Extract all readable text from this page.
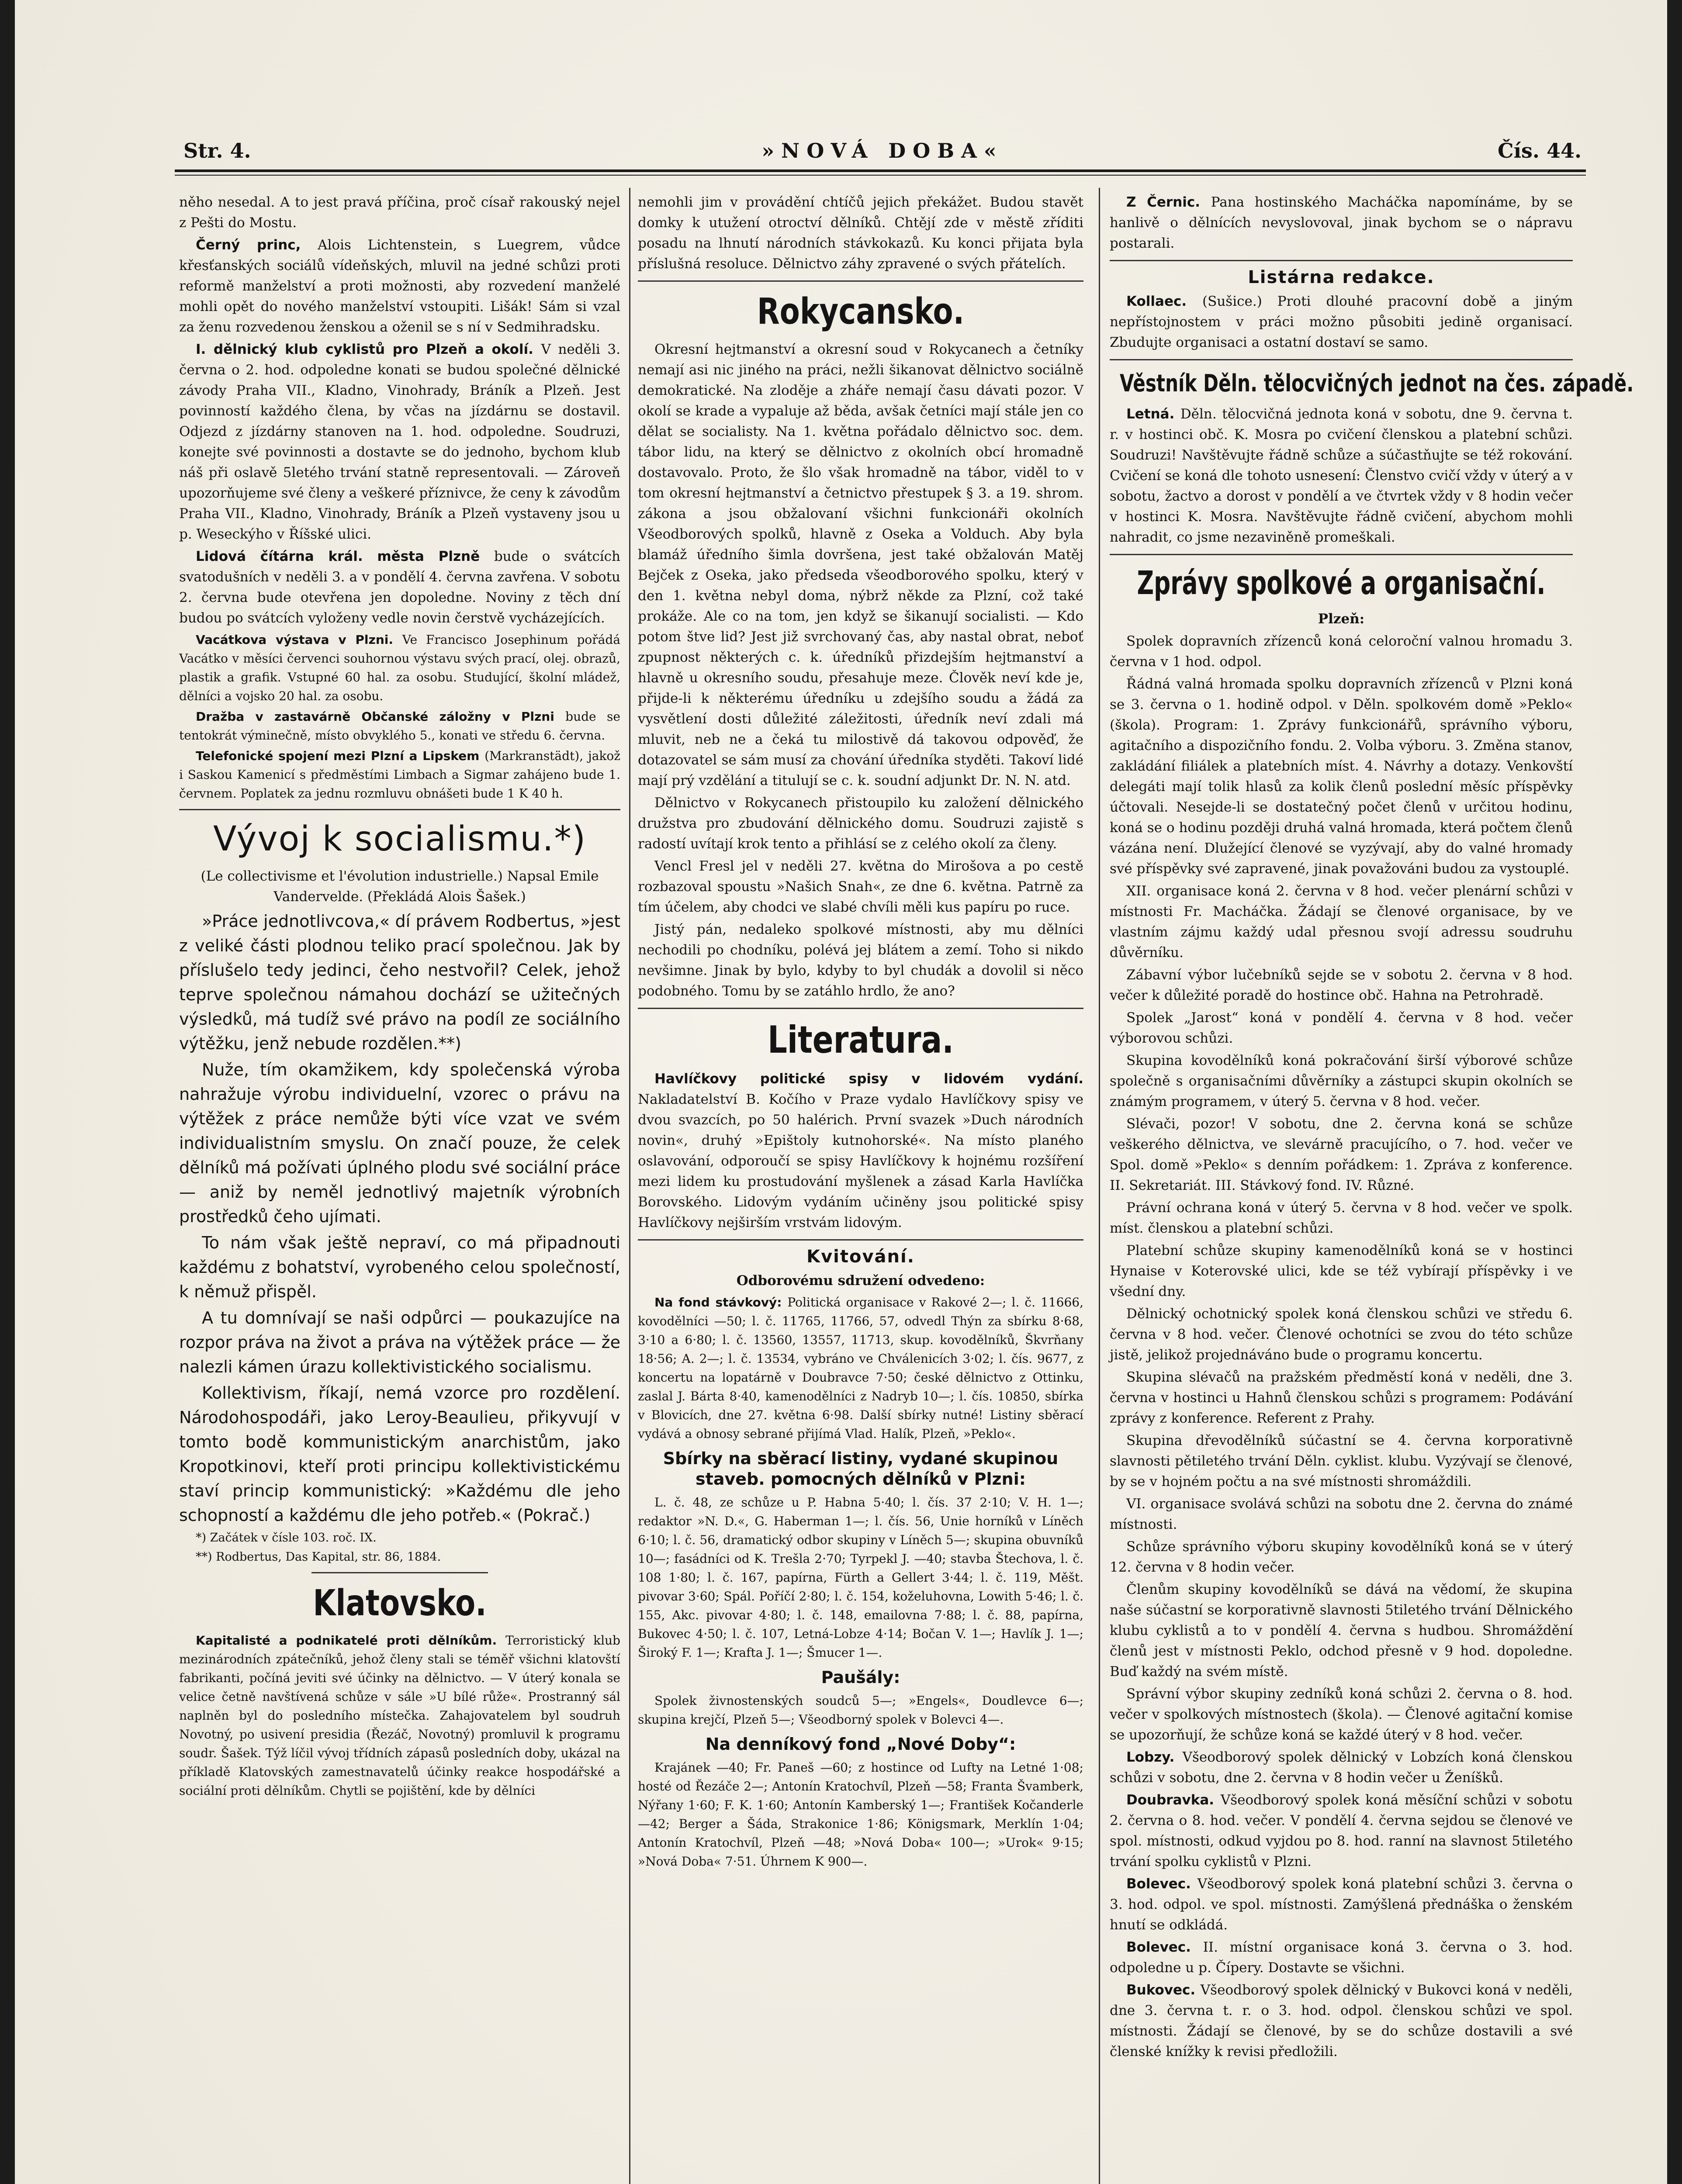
Str. 4.	»NOVÁ DOBA«	Čís. 44.

něho nesedal. A to jest pravá příčina, proč císař rakouský nejel z Pešti do Mostu.

Černý princ, Alois Lichtenstein, s Luegrem, vůdce křesťanských sociálů vídeňských, mluvil na jedné schůzi proti reformě manželství a proti možnosti, aby rozvedení manželé mohli opět do nového manželství vstoupiti. Lišák! Sám si vzal za ženu rozvedenou ženskou a oženil se s ní v Sedmihradsku.

I. dělnický klub cyklistů pro Plzeň a okolí. V neděli 3. června o 2. hod. odpoledne konati se budou společné dělnické závody Praha VII., Kladno, Vinohrady, Bráník a Plzeň. Jest povinností každého člena, by včas na jízdárnu se dostavil. Odjezd z jízdárny stanoven na 1. hod. odpoledne. Soudruzi, konejte své povinnosti a dostavte se do jednoho, bychom klub náš při oslavě 5letého trvání statně representovali. — Zároveň upozorňujeme své členy a veškeré příznivce, že ceny k závodům Praha VII., Kladno, Vinohrady, Bráník a Plzeň vystaveny jsou u p. Weseckýho v Říšské ulici.

Lidová čítárna král. města Plzně bude o svátcích svatodušních v neděli 3. a v pondělí 4. června zavřena. V sobotu 2. června bude otevřena jen dopoledne. Noviny z těch dní budou po svátcích vyloženy vedle novin čerstvě vycházejících.

Vacátkova výstava v Plzni. Ve Francisco Josephinum pořádá Vacátko v měsíci červenci souhornou výstavu svých prací, olej. obrazů, plastik a grafik. Vstupné 60 hal. za osobu. Studující, školní mládež, dělníci a vojsko 20 hal. za osobu.

Dražba v zastavárně Občanské záložny v Plzni bude se tentokrát výminečně, místo obvyklého 5., konati ve středu 6. června.

Telefonické spojení mezi Plzní a Lipskem (Markranstädt), jakož i Saskou Kamenicí s předměstími Limbach a Sigmar zahájeno bude 1. červnem. Poplatek za jednu rozmluvu obnášeti bude 1 K 40 h.

Vývoj k socialismu.*)

(Le collectivisme et l'évolution industrielle.) Napsal Emile Vandervelde. (Překládá Alois Šašek.)

»Práce jednotlivcova,« dí právem Rodbertus, »jest z veliké části plodnou teliko prací společnou. Jak by příslušelo tedy jedinci, čeho nestvořil? Celek, jehož teprve společnou námahou dochází se užitečných výsledků, má tudíž své právo na podíl ze sociálního výtěžku, jenž nebude rozdělen.**)

Nuže, tím okamžikem, kdy společenská výroba nahražuje výrobu individuelní, vzorec o právu na výtěžek z práce nemůže býti více vzat ve svém individualistním smyslu. On značí pouze, že celek dělníků má požívati úplného plodu své sociální práce — aniž by neměl jednotlivý majetník výrobních prostředků čeho ujímati.

To nám však ještě nepraví, co má připadnouti každému z bohatství, vyrobeného celou společností, k němuž přispěl.

A tu domnívají se naši odpůrci — poukazujíce na rozpor práva na život a práva na výtěžek práce — že nalezli kámen úrazu kollektivistického socialismu.

Kollektivism, říkají, nemá vzorce pro rozdělení. Národohospodáři, jako Leroy-Beaulieu, přikyvují v tomto bodě kommunistickým anarchistům, jako Kropotkinovi, kteří proti principu kollektivistickému staví princip kommunistický: »Každému dle jeho schopností a každému dle jeho potřeb.« (Pokrač.)

*) Začátek v čísle 103. roč. IX.

**) Rodbertus, Das Kapital, str. 86, 1884.

Klatovsko.

Kapitalisté a podnikatelé proti dělníkům. Terroristický klub mezinárodních zpátečníků, jehož členy stali se téměř všichni klatovští fabrikanti, počíná jeviti své účinky na dělnictvo. — V úterý konala se velice četně navštívená schůze v sále »U bílé růže«. Prostranný sál naplněn byl do posledního místečka. Zahajovatelem byl soudruh Novotný, po usivení presidia (Řezáč, Novotný) promluvil k programu soudr. Šašek. Týž líčil vývoj třídních zápasů posledních doby, ukázal na příkladě Klatovských zamestnavatelů účinky reakce hospodářské a sociální proti dělníkům. Chytli se pojištění, kde by dělníci

nemohli jim v provádění chtíčů jejich překážet. Budou stavět domky k utužení otroctví dělníků. Chtějí zde v městě zříditi posadu na lhnutí národních stávkokazů. Ku konci přijata byla příslušná resoluce. Dělnictvo záhy zpravené o svých přátelích.

Rokycansko.

Okresní hejtmanství a okresní soud v Rokycanech a četníky nemají asi nic jiného na práci, nežli šikanovat dělnictvo sociálně demokratické. Na zloděje a zháře nemají času dávati pozor. V okolí se krade a vypaluje až běda, avšak četníci mají stále jen co dělat se socialisty. Na 1. května pořádalo dělnictvo soc. dem. tábor lidu, na který se dělnictvo z okolních obcí hromadně dostavovalo. Proto, že šlo však hromadně na tábor, viděl to v tom okresní hejtmanství a četnictvo přestupek § 3. a 19. shrom. zákona a jsou obžalovaní všichni funkcionáři okolních Všeodborových spolků, hlavně z Oseka a Volduch. Aby byla blamáž úředního šimla dovršena, jest také obžalován Matěj Bejček z Oseka, jako předseda všeodborového spolku, který v den 1. května nebyl doma, nýbrž někde za Plzní, což také prokáže. Ale co na tom, jen když se šikanují socialisti. — Kdo potom štve lid? Jest již svrchovaný čas, aby nastal obrat, neboť zpupnost některých c. k. úředníků přizdejším hejtmanství a hlavně u okresního soudu, přesahuje meze. Člověk neví kde je, přijde-li k některému úředníku u zdejšího soudu a žádá za vysvětlení dosti důležité záležitosti, úředník neví zdali má mluvit, neb ne a čeká tu milostivě dá takovou odpověď, že dotazovatel se sám musí za chování úředníka styděti. Takoví lidé mají prý vzdělání a titulují se c. k. soudní adjunkt Dr. N. N. atd.

Dělnictvo v Rokycanech přistoupilo ku založení dělnického družstva pro zbudování dělnického domu. Soudruzi zajistě s radostí uvítají krok tento a přihlásí se z celého okolí za členy.

Vencl Fresl jel v neděli 27. května do Mirošova a po cestě rozbazoval spoustu »Našich Snah«, ze dne 6. května. Patrně za tím účelem, aby chodci ve slabé chvíli měli kus papíru po ruce.

Jistý pán, nedaleko spolkové místnosti, aby mu dělníci nechodili po chodníku, polévá jej blátem a zemí. Toho si nikdo nevšimne. Jinak by bylo, kdyby to byl chudák a dovolil si něco podobného. Tomu by se zatáhlo hrdlo, že ano?

Literatura.

Havlíčkovy politické spisy v lidovém vydání. Nakladatelství B. Kočího v Praze vydalo Havlíčkovy spisy ve dvou svazcích, po 50 halérich. První svazek »Duch národních novin«, druhý »Epištoly kutnohorské«. Na místo planého oslavování, odporoučí se spisy Havlíčkovy k hojnému rozšíření mezi lidem ku prostudování myšlenek a zásad Karla Havlíčka Borovského. Lidovým vydáním učiněny jsou politické spisy Havlíčkovy nejširším vrstvám lidovým.

Kvitování.
Odborovému sdružení odvedeno:

Na fond stávkový: Politická organisace v Rakové 2—; l. č. 11666, kovodělníci —50; l. č. 11765, 11766, 57, odvedl Thýn za sbírku 8·68, 3·10 a 6·80; l. č. 13560, 13557, 11713, skup. kovodělníků, Škvrňany 18·56; A. 2—; l. č. 13534, vybráno ve Chválenicích 3·02; l. čís. 9677, z koncertu na lopatárně v Doubravce 7·50; české dělnictvo z Ottinku, zaslal J. Bárta 8·40, kamenodělníci z Nadryb 10—; l. čís. 10850, sbírka v Blovicích, dne 27. května 6·98. Další sbírky nutné! Listiny sběrací vydává a obnosy sebrané přijímá Vlad. Halík, Plzeň, »Peklo«.

Sbírky na sběrací listiny, vydané skupinou staveb. pomocných dělníků v Plzni:

L. č. 48, ze schůze u P. Habna 5·40; l. čís. 37 2·10; V. H. 1—; redaktor »N. D.«, G. Haberman 1—; l. čís. 56, Unie horníků v Líněch 6·10; l. č. 56, dramatický odbor skupiny v Líněch 5—; skupina obuvníků 10—; fasádníci od K. Trešla 2·70; Tyrpekl J. —40; stavba Štechova, l. č. 108 1·80; l. č. 167, papírna, Fürth a Gellert 3·44; l. č. 119, Měšt. pivovar 3·60; Spál. Poříčí 2·80; l. č. 154, koželuhovna, Lowith 5·46; l. č. 155, Akc. pivovar 4·80; l. č. 148, emailovna 7·88; l. č. 88, papírna, Bukovec 4·50; l. č. 107, Letná-Lobze 4·14; Bočan V. 1—; Havlík J. 1—; Široký F. 1—; Krafta J. 1—; Šmucer 1—.

Paušály:

Spolek živnostenských soudců 5—; »Engels«, Doudlevce 6—; skupina krejčí, Plzeň 5—; Všeodborný spolek v Bolevci 4—.

Na denníkový fond „Nové Doby“:

Krajánek —40; Fr. Paneš —60; z hostince od Lufty na Letné 1·08; hosté od Řezáče 2—; Antonín Kratochvíl, Plzeň —58; Franta Švamberk, Nýřany 1·60; F. K. 1·60; Antonín Kamberský 1—; František Kočanderle —42; Berger a Šáda, Strakonice 1·86; Königsmark, Merklín 1·04; Antonín Kratochvíl, Plzeň —48; »Nová Doba« 100—; »Urok« 9·15; »Nová Doba« 7·51. Úhrnem K 900—.

Z Černic. Pana hostinského Macháčka napomínáme, by se hanlivě o dělnících nevyslovoval, jinak bychom se o nápravu postarali.

Listárna redakce.

Kollaec. (Sušice.) Proti dlouhé pracovní době a jiným nepřístojnostem v práci možno působiti jedině organisací. Zbudujte organisaci a ostatní dostaví se samo.

Věstník Děln. tělocvičných jednot na čes. západě.

Letná. Děln. tělocvičná jednota koná v sobotu, dne 9. června t. r. v hostinci obč. K. Mosra po cvičení členskou a platební schůzi. Soudruzi! Navštěvujte řádně schůze a súčastňujte se též rokování. Cvičení se koná dle tohoto usnesení: Členstvo cvičí vždy v úterý a v sobotu, žactvo a dorost v pondělí a ve čtvrtek vždy v 8 hodin večer v hostinci K. Mosra. Navštěvujte řádně cvičení, abychom mohli nahradit, co jsme nezaviněně promeškali.

Zprávy spolkové a organisační.
Plzeň:

Spolek dopravních zřízenců koná celoroční valnou hromadu 3. června v 1 hod. odpol.

Řádná valná hromada spolku dopravních zřízenců v Plzni koná se 3. června o 1. hodině odpol. v Děln. spolkovém domě »Peklo« (škola). Program: 1. Zprávy funkcionářů, správního výboru, agitačního a dispozičního fondu. 2. Volba výboru. 3. Změna stanov, zakládání filiálek a platebních míst. 4. Návrhy a dotazy. Venkovští delegáti mají tolik hlasů za kolik členů poslední měsíc příspěvky účtovali. Nesejde-li se dostatečný počet členů v určitou hodinu, koná se o hodinu později druhá valná hromada, která počtem členů vázána není. Dlužející členové se vyzývají, aby do valné hromady své příspěvky své zapravené, jinak považováni budou za vystouplé.

XII. organisace koná 2. června v 8 hod. večer plenární schůzi v místnosti Fr. Macháčka. Žádají se členové organisace, by ve vlastním zájmu každý udal přesnou svojí adressu soudruhu důvěrníku.

Zábavní výbor lučebníků sejde se v sobotu 2. června v 8 hod. večer k důležité poradě do hostince obč. Hahna na Petrohradě.

Spolek „Jarost“ koná v pondělí 4. června v 8 hod. večer výborovou schůzi.

Skupina kovodělníků koná pokračování širší výborové schůze společně s organisačními důvěrníky a zástupci skupin okolních se známým programem, v úterý 5. června v 8 hod. večer.

Slévači, pozor! V sobotu, dne 2. června koná se schůze veškerého dělnictva, ve slevárně pracujícího, o 7. hod. večer ve Spol. domě »Peklo« s denním pořádkem: 1. Zpráva z konference. II. Sekretariát. III. Stávkový fond. IV. Různé.

Právní ochrana koná v úterý 5. června v 8 hod. večer ve spolk. míst. členskou a platební schůzi.

Platební schůze skupiny kamenodělníků koná se v hostinci Hynaise v Koterovské ulici, kde se též vybírají příspěvky i ve všední dny.

Dělnický ochotnický spolek koná členskou schůzi ve středu 6. června v 8 hod. večer. Členové ochotníci se zvou do této schůze jistě, jelikož projednáváno bude o programu koncertu.

Skupina slévačů na pražském předměstí koná v neděli, dne 3. června v hostinci u Hahnů členskou schůzi s programem: Podávání zprávy z konference. Referent z Prahy.

Skupina dřevodělníků súčastní se 4. června korporativně slavnosti pětiletého trvání Děln. cyklist. klubu. Vyzývají se členové, by se v hojném počtu a na své místnosti shromáždili.

VI. organisace svolává schůzi na sobotu dne 2. června do známé místnosti.

Schůze správního výboru skupiny kovodělníků koná se v úterý 12. června v 8 hodin večer.

Členům skupiny kovodělníků se dává na vědomí, že skupina naše súčastní se korporativně slavnosti 5tiletého trvání Dělnického klubu cyklistů a to v pondělí 4. června s hudbou. Shromáždění členů jest v místnosti Peklo, odchod přesně v 9 hod. dopoledne. Buď každý na svém místě.

Správní výbor skupiny zedníků koná schůzi 2. června o 8. hod. večer v spolkových místnostech (škola). — Členové agitační komise se upozorňují, že schůze koná se každé úterý v 8 hod. večer.

Lobzy. Všeodborový spolek dělnický v Lobzích koná členskou schůzi v sobotu, dne 2. června v 8 hodin večer u Ženíšků.

Doubravka. Všeodborový spolek koná měsíční schůzi v sobotu 2. června o 8. hod. večer. V pondělí 4. června sejdou se členové ve spol. místnosti, odkud vyjdou po 8. hod. ranní na slavnost 5tiletého trvání spolku cyklistů v Plzni.

Bolevec. Všeodborový spolek koná platební schůzi 3. června o 3. hod. odpol. ve spol. místnosti. Zamýšlená přednáška o ženském hnutí se odkládá.

Bolevec. II. místní organisace koná 3. června o 3. hod. odpoledne u p. Čípery. Dostavte se všichni.

Bukovec. Všeodborový spolek dělnický v Bukovci koná v neděli, dne 3. června t. r. o 3. hod. odpol. členskou schůzi ve spol. místnosti. Žádají se členové, by se do schůze dostavili a své členské knížky k revisi předložili.
